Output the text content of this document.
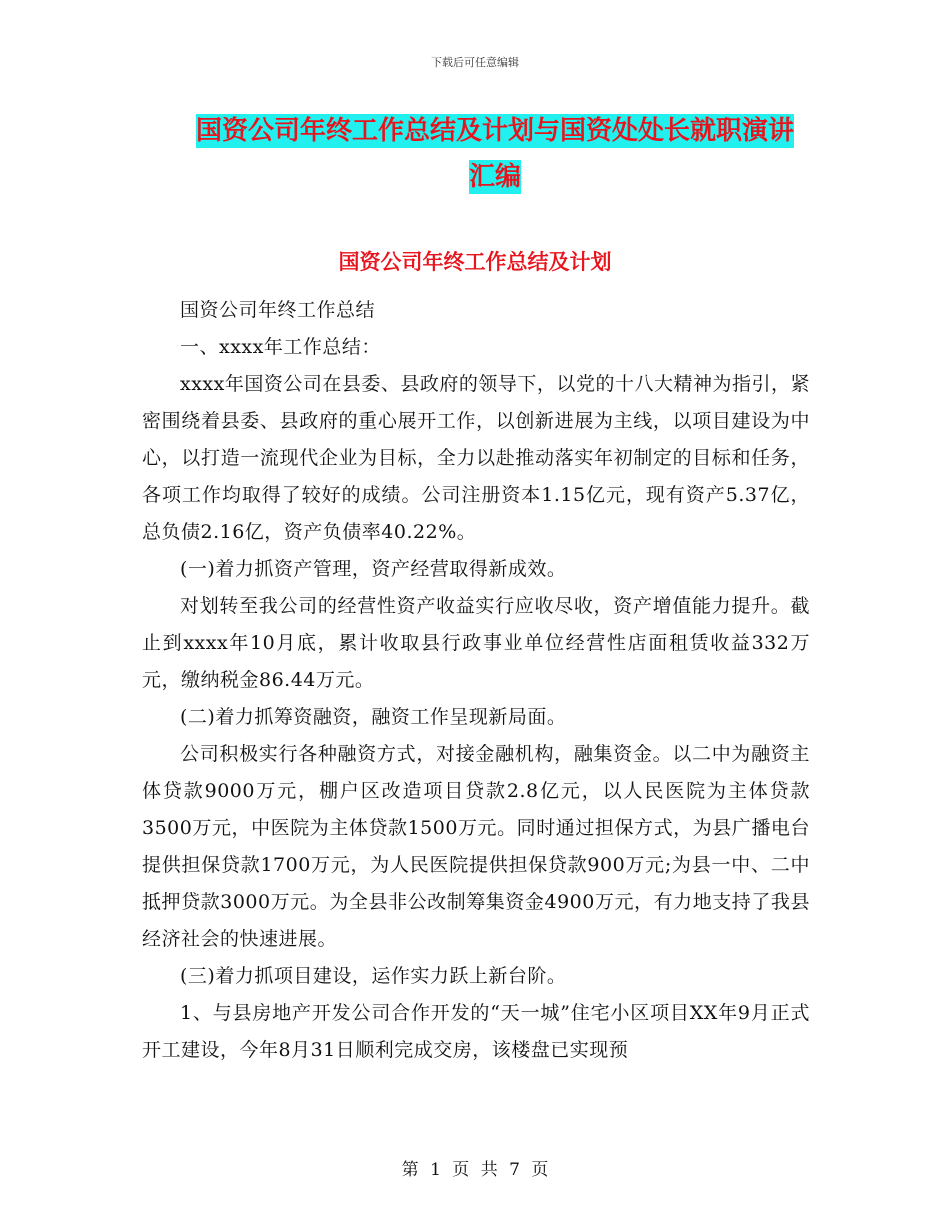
下载后可任意编辑
国资公司年终工作总结及计划与国资处处长就职演讲
汇编
国资公司年终工作总结及计划

国资公司年终工作总结

一、xxxx年工作总结：

xxxx年国资公司在县委、县政府的领导下，以党的十八大精神为指引，紧密围绕着县委、县政府的重心展开工作，以创新进展为主线，以项目建设为中心，以打造一流现代企业为目标，全力以赴推动落实年初制定的目标和任务，各项工作均取得了较好的成绩。公司注册资本1.15亿元，现有资产5.37亿，总负债2.16亿，资产负债率40.22%。

(一)着力抓资产管理，资产经营取得新成效。

对划转至我公司的经营性资产收益实行应收尽收，资产增值能力提升。截止到xxxx年10月底，累计收取县行政事业单位经营性店面租赁收益332万元，缴纳税金86.44万元。

(二)着力抓筹资融资，融资工作呈现新局面。

公司积极实行各种融资方式，对接金融机构，融集资金。以二中为融资主体贷款9000万元，棚户区改造项目贷款2.8亿元，以人民医院为主体贷款3500万元，中医院为主体贷款1500万元。同时通过担保方式，为县广播电台提供担保贷款1700万元，为人民医院提供担保贷款900万元;为县一中、二中抵押贷款3000万元。为全县非公改制筹集资金4900万元，有力地支持了我县经济社会的快速进展。

(三)着力抓项目建设，运作实力跃上新台阶。

1、与县房地产开发公司合作开发的“天一城”住宅小区项目XX年9月正式开工建设，今年8月31日顺利完成交房，该楼盘已实现预

第 1 页 共 7 页
